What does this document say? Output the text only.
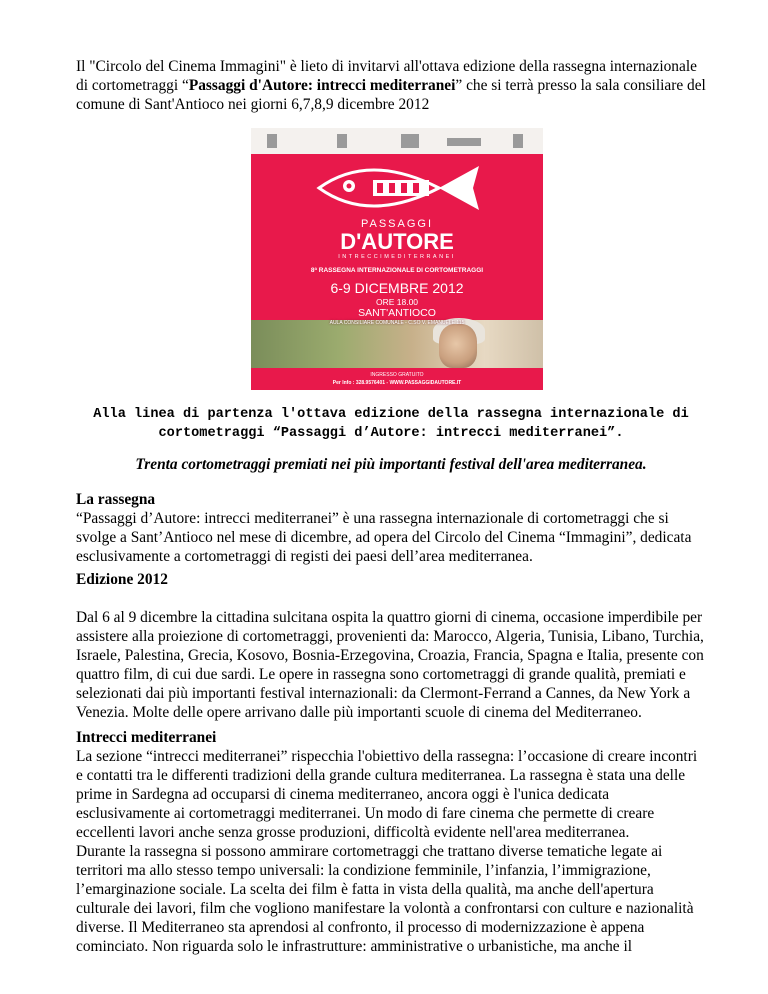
Il "Circolo del Cinema Immagini" è lieto di invitarvi all'ottava edizione della rassegna internazionale di cortometraggi “Passaggi d'Autore: intrecci mediterranei” che si terrà presso la sala consiliare del comune di Sant'Antioco nei giorni 6,7,8,9 dicembre 2012

PASSAGGI
D'AUTORE
INTRECCIMEDITERRANEI
8ª RASSEGNA INTERNAZIONALE DI CORTOMETRAGGI
6-9 DICEMBRE 2012
ORE 18.00
SANT'ANTIOCO
AULA CONSILIARE COMUNALE - C.SO V. EMANUELE 115
INGRESSO GRATUITO
Per Info : 328.9576401 - WWW.PASSAGGIDAUTORE.IT

Alla linea di partenza l'ottava edizione della rassegna internazionale di cortometraggi “Passaggi d’Autore: intrecci mediterranei”.

Trenta cortometraggi premiati nei più importanti festival dell'area mediterranea.

La rassegna

“Passaggi d’Autore: intrecci mediterranei” è una rassegna internazionale di cortometraggi che si svolge a Sant’Antioco nel mese di dicembre, ad opera del Circolo del Cinema “Immagini”, dedicata esclusivamente a cortometraggi di registi dei paesi dell’area mediterranea.

Edizione 2012

Dal 6 al 9 dicembre la cittadina sulcitana ospita la quattro giorni di cinema, occasione imperdibile per assistere alla proiezione di cortometraggi, provenienti da: Marocco, Algeria, Tunisia, Libano, Turchia, Israele, Palestina, Grecia, Kosovo, Bosnia-Erzegovina, Croazia, Francia, Spagna e Italia, presente con quattro film, di cui due sardi. Le opere in rassegna sono cortometraggi di grande qualità, premiati e selezionati dai più importanti festival internazionali: da Clermont-Ferrand a Cannes, da New York a Venezia. Molte delle opere arrivano dalle più importanti scuole di cinema del Mediterraneo.

Intrecci mediterranei

La sezione “intrecci mediterranei” rispecchia l'obiettivo della rassegna: l’occasione di creare incontri e contatti tra le differenti tradizioni della grande cultura mediterranea. La rassegna è stata una delle prime in Sardegna ad occuparsi di cinema mediterraneo, ancora oggi è l'unica dedicata esclusivamente ai cortometraggi mediterranei. Un modo di fare cinema che permette di creare eccellenti lavori anche senza grosse produzioni, difficoltà evidente nell'area mediterranea.

Durante la rassegna si possono ammirare cortometraggi che trattano diverse tematiche legate ai territori ma allo stesso tempo universali: la condizione femminile, l’infanzia, l’immigrazione, l’emarginazione sociale. La scelta dei film è fatta in vista della qualità, ma anche dell'apertura culturale dei lavori, film che vogliono manifestare la volontà a confrontarsi con culture e nazionalità diverse. Il Mediterraneo sta aprendosi al confronto, il processo di modernizzazione è appena cominciato. Non riguarda solo le infrastrutture: amministrative o urbanistiche, ma anche il
